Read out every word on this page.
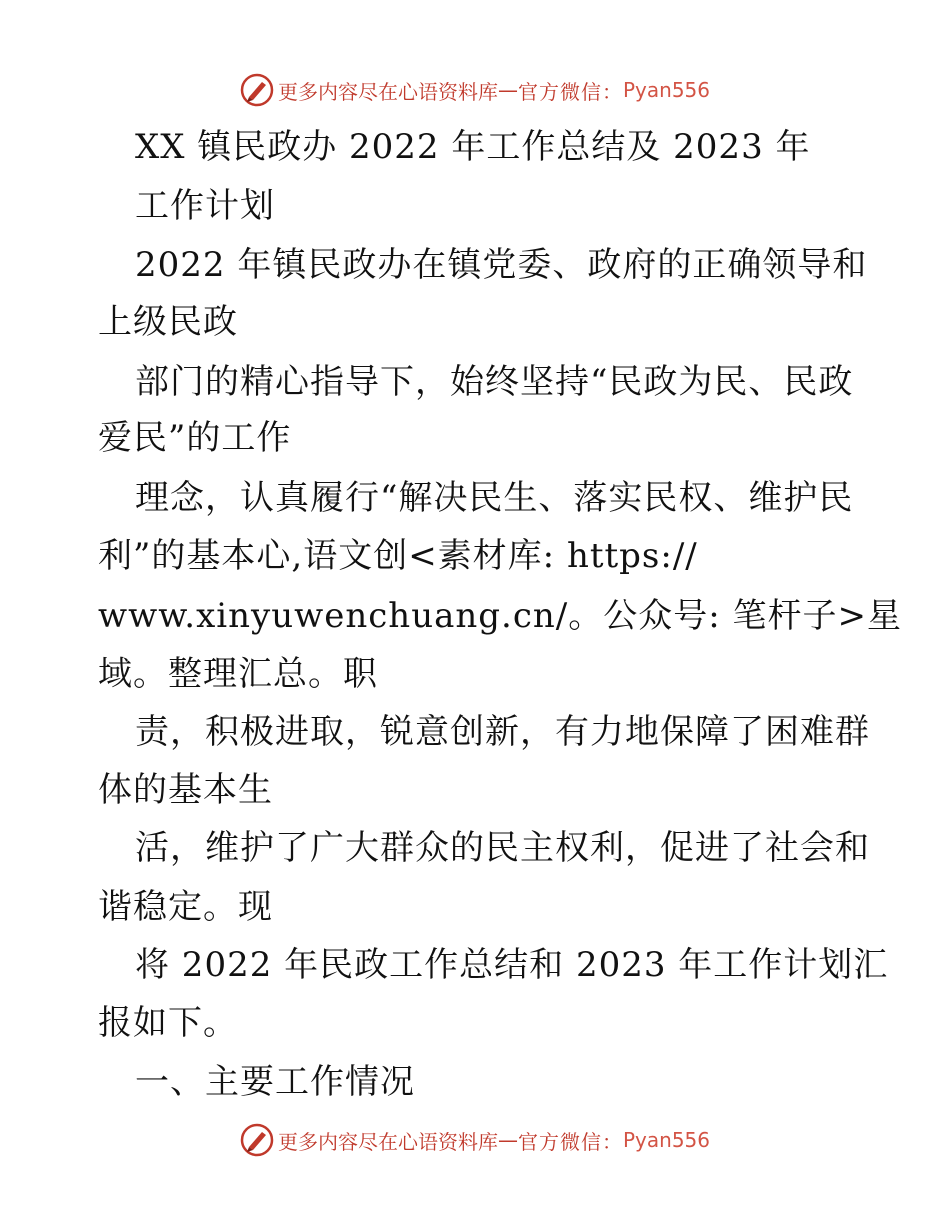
更多内容尽在心语资料库 — 官方微信： Pyan556
XX 镇民政办 2022 年工作总结及 2023 年
工作计划
2022 年镇民政办在镇党委、政府的正确领导和
上级民政
部门的精心指导下，始终坚持“民政为民、民政
爱民”的工作
理念，认真履行“解决民生、落实民权、维护民
利”的基本心,语文创<素材库: https://
www.xinyuwenchuang.cn/。公众号: 笔杆子>星
域。整理汇总。职
责，积极进取，锐意创新，有力地保障了困难群
体的基本生
活，维护了广大群众的民主权利，促进了社会和
谐稳定。现
将 2022 年民政工作总结和 2023 年工作计划汇
报如下。
一、主要工作情况
更多内容尽在心语资料库 — 官方微信： Pyan556
